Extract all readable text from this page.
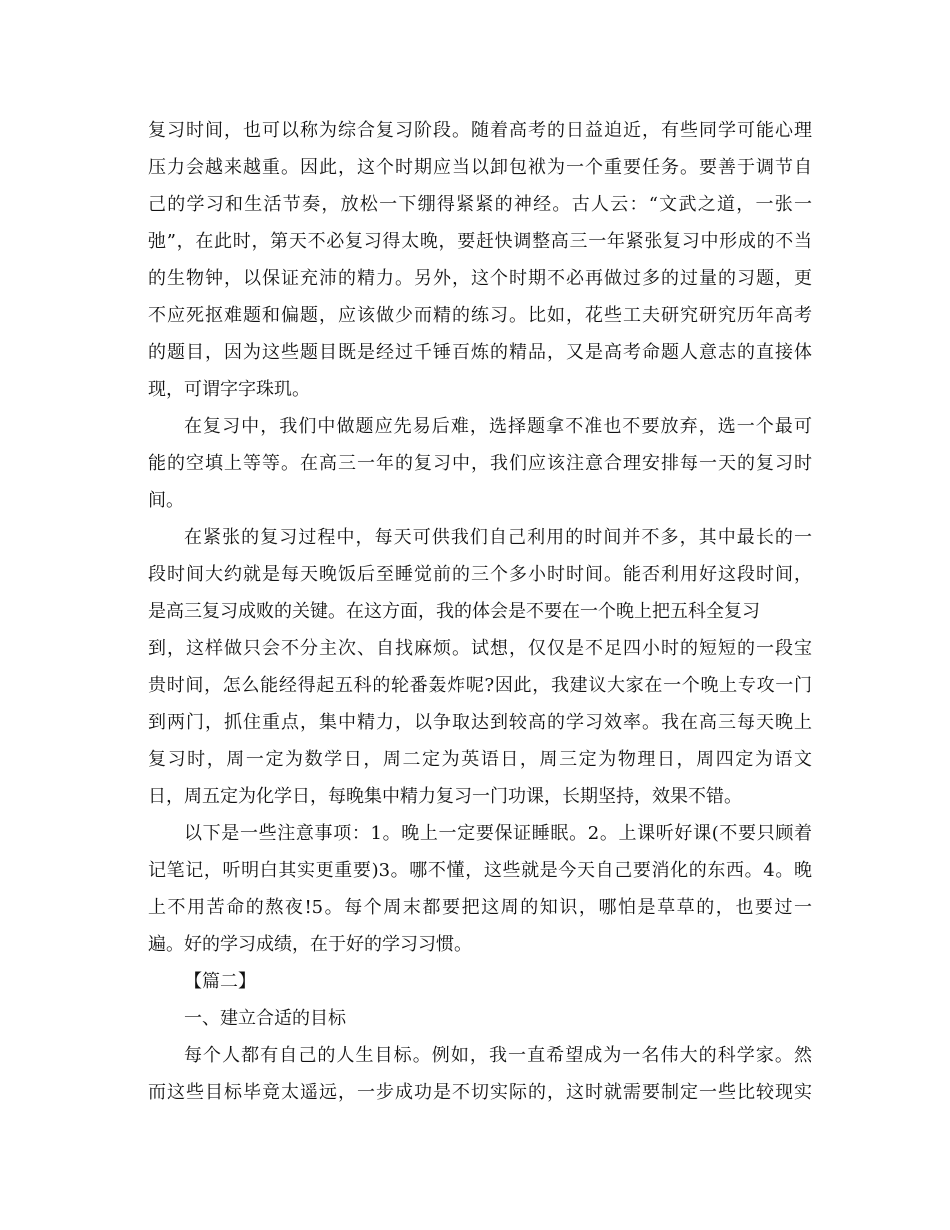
复习时间，也可以称为综合复习阶段。随着高考的日益迫近，有些同学可能心理
压力会越来越重。因此，这个时期应当以卸包袱为一个重要任务。要善于调节自
己的学习和生活节奏，放松一下绷得紧紧的神经。古人云：“文武之道，一张一
弛”，在此时，第天不必复习得太晚，要赶快调整高三一年紧张复习中形成的不当
的生物钟，以保证充沛的精力。另外，这个时期不必再做过多的过量的习题，更
不应死抠难题和偏题，应该做少而精的练习。比如，花些工夫研究研究历年高考
的题目，因为这些题目既是经过千锤百炼的精品，又是高考命题人意志的直接体
现，可谓字字珠玑。
在复习中，我们中做题应先易后难，选择题拿不准也不要放弃，选一个最可
能的空填上等等。在高三一年的复习中，我们应该注意合理安排每一天的复习时
间。
在紧张的复习过程中，每天可供我们自己利用的时间并不多，其中最长的一
段时间大约就是每天晚饭后至睡觉前的三个多小时时间。能否利用好这段时间，
是高三复习成败的关键。在这方面，我的体会是不要在一个晚上把五科全复习
到，这样做只会不分主次、自找麻烦。试想，仅仅是不足四小时的短短的一段宝
贵时间，怎么能经得起五科的轮番轰炸呢?因此，我建议大家在一个晚上专攻一门
到两门，抓住重点，集中精力，以争取达到较高的学习效率。我在高三每天晚上
复习时，周一定为数学日，周二定为英语日，周三定为物理日，周四定为语文
日，周五定为化学日，每晚集中精力复习一门功课，长期坚持，效果不错。
以下是一些注意事项：1。晚上一定要保证睡眠。2。上课听好课(不要只顾着
记笔记，听明白其实更重要)3。哪不懂，这些就是今天自己要消化的东西。4。晚
上不用苦命的熬夜!5。每个周末都要把这周的知识，哪怕是草草的，也要过一
遍。好的学习成绩，在于好的学习习惯。
【篇二】
一、建立合适的目标
每个人都有自己的人生目标。例如，我一直希望成为一名伟大的科学家。然
而这些目标毕竟太遥远，一步成功是不切实际的，这时就需要制定一些比较现实
